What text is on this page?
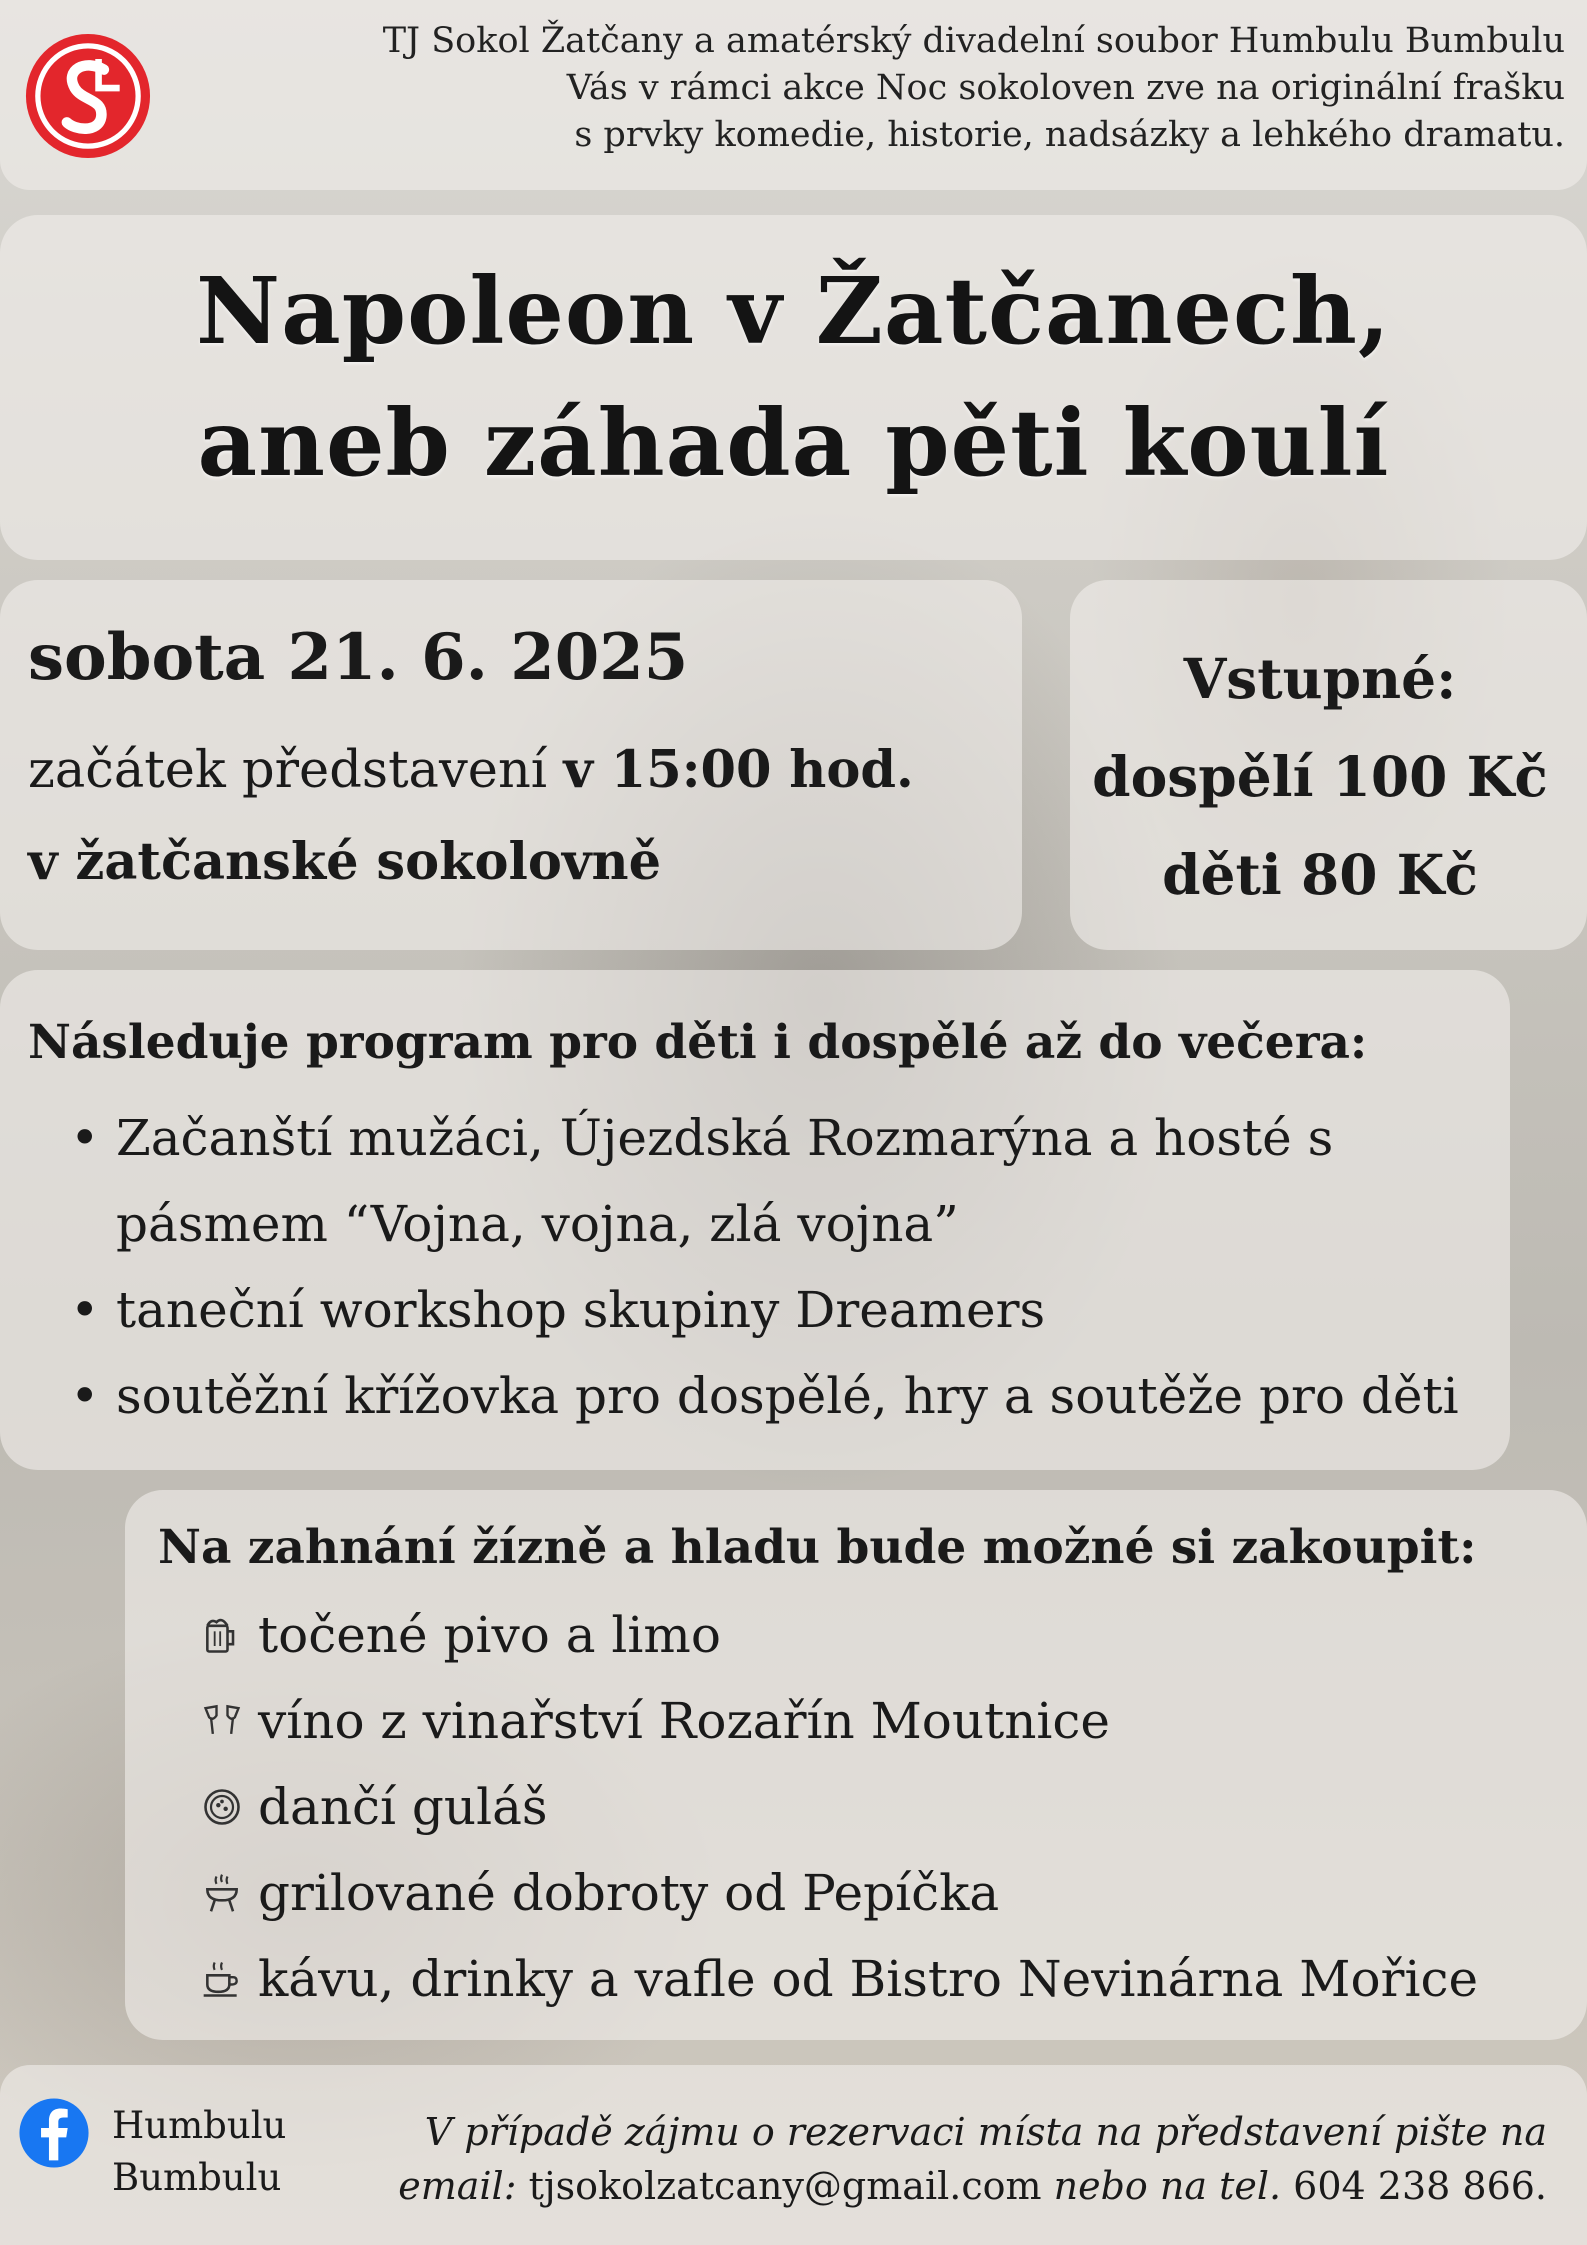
TJ Sokol Žatčany a amatérský divadelní soubor Humbulu Bumbulu
Vás v rámci akce Noc sokoloven zve na originální frašku
s prvky komedie, historie, nadsázky a lehkého dramatu.
Napoleon v Žatčanech,
aneb záhada pěti koulí
sobota 21. 6. 2025
začátek představení v 15:00 hod.
v žatčanské sokolovně
Vstupné:
dospělí 100 Kč
děti 80 Kč
Následuje program pro děti i dospělé až do večera:
• Začanští mužáci, Újezdská Rozmarýna a hosté s
pásmem “Vojna, vojna, zlá vojna”
• taneční workshop skupiny Dreamers
• soutěžní křížovka pro dospělé, hry a soutěže pro děti
Na zahnání žízně a hladu bude možné si zakoupit:
točené pivo a limo
víno z vinařství Rozařín Moutnice
dančí guláš
grilované dobroty od Pepíčka
kávu, drinky a vafle od Bistro Nevinárna Mořice
Humbulu
Bumbulu
V případě zájmu o rezervaci místa na představení pište na
email: tjsokolzatcany@gmail.com nebo na tel. 604 238 866.
